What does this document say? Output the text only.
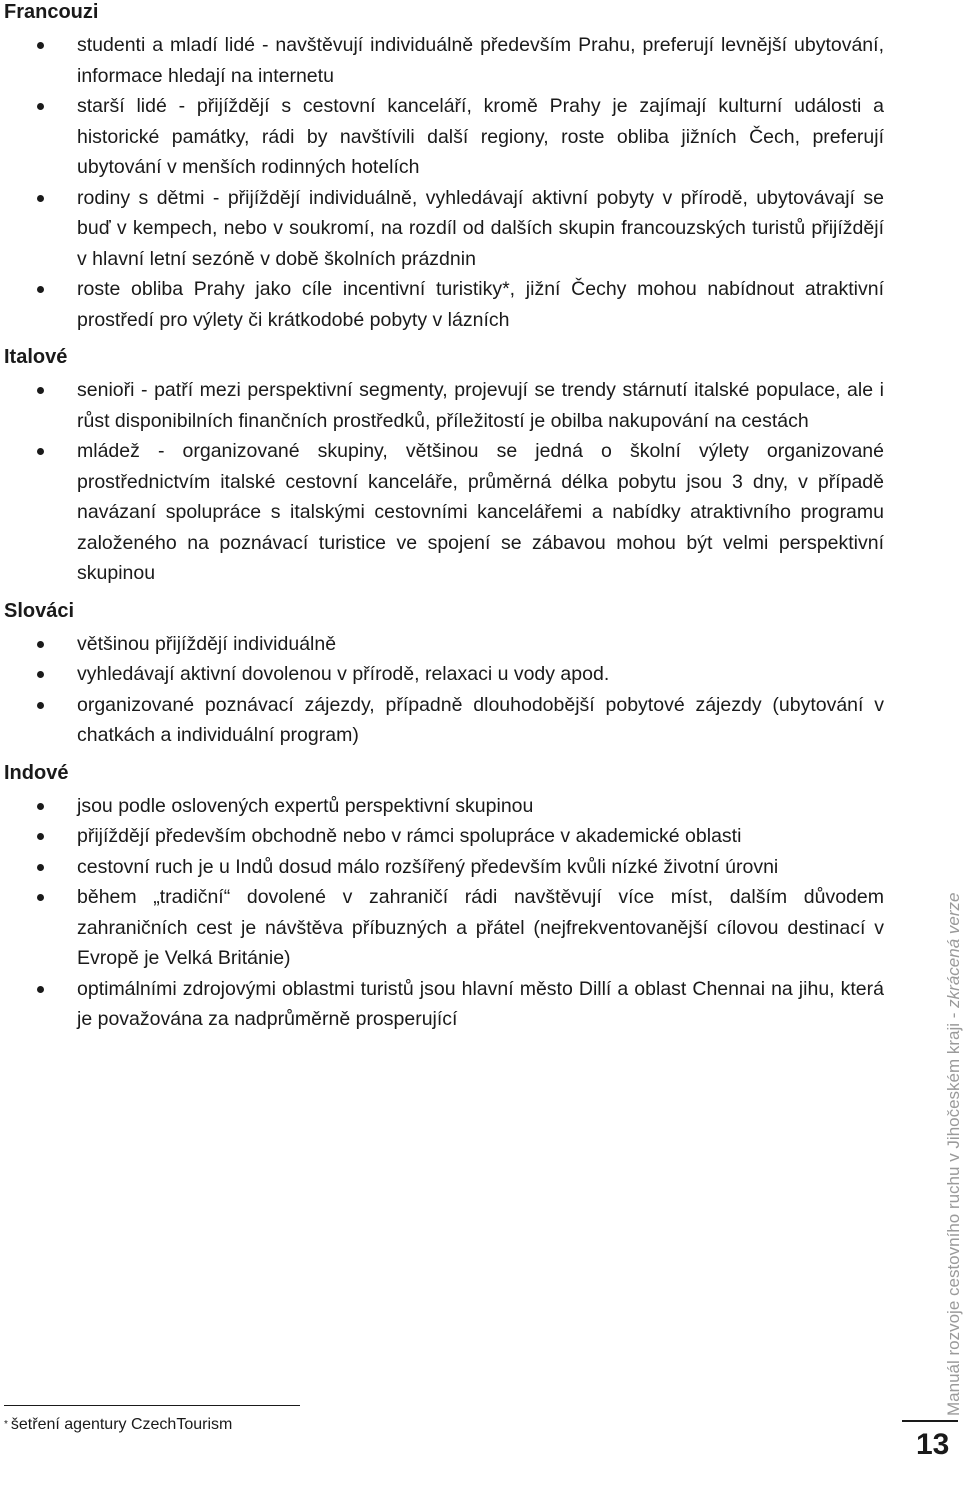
Francouzi
studenti a mladí lidé - navštěvují individuálně především Prahu, preferují levnější ubytování, informace hledají na internetu
starší lidé - přijíždějí s cestovní kanceláří, kromě Prahy je zajímají kulturní události a historické památky, rádi by navštívili další regiony, roste obliba jižních Čech, preferují ubytování v menších rodinných hotelích
rodiny s dětmi - přijíždějí individuálně, vyhledávají aktivní pobyty v přírodě, ubytovávají se buď v kempech, nebo v soukromí, na rozdíl od dalších skupin francouzských turistů přijíždějí v hlavní letní sezóně v době školních prázdnin
roste obliba Prahy jako cíle incentivní turistiky*, jižní Čechy mohou nabídnout atraktivní prostředí pro výlety či krátkodobé pobyty v lázních
Italové
senioři - patří mezi perspektivní segmenty, projevují se trendy stárnutí italské populace, ale i růst disponibilních finančních prostředků, příležitostí je obilba nakupování na cestách
mládež - organizované skupiny, většinou se jedná o školní výlety organizované prostřednictvím italské cestovní kanceláře, průměrná délka pobytu jsou 3 dny, v případě navázaní spolupráce s italskými cestovními kancelářemi a nabídky atraktivního programu založeného na poznávací turistice ve spojení se zábavou mohou být velmi perspektivní skupinou
Slováci
většinou přijíždějí individuálně
vyhledávají aktivní dovolenou v přírodě, relaxaci u vody apod.
organizované poznávací zájezdy, případně dlouhodobější pobytové zájezdy (ubytování v chatkách a individuální program)
Indové
jsou podle oslovených expertů perspektivní skupinou
přijíždějí především obchodně nebo v rámci spolupráce v akademické oblasti
cestovní ruch je u Indů dosud málo rozšířený především kvůli nízké životní úrovni
během „tradiční“ dovolené v zahraničí rádi navštěvují více míst, dalším důvodem zahraničních cest je návštěva příbuzných a přátel (nejfrekventovanější cílovou destinací v Evropě je Velká Británie)
optimálními zdrojovými oblastmi turistů jsou hlavní město Dillí a oblast Chennai na jihu, která je považována za nadprůměrně prosperující
* šetření agentury CzechTourism
Manuál rozvoje cestovního ruchu v Jihočeském kraji - zkrácená verze
13
